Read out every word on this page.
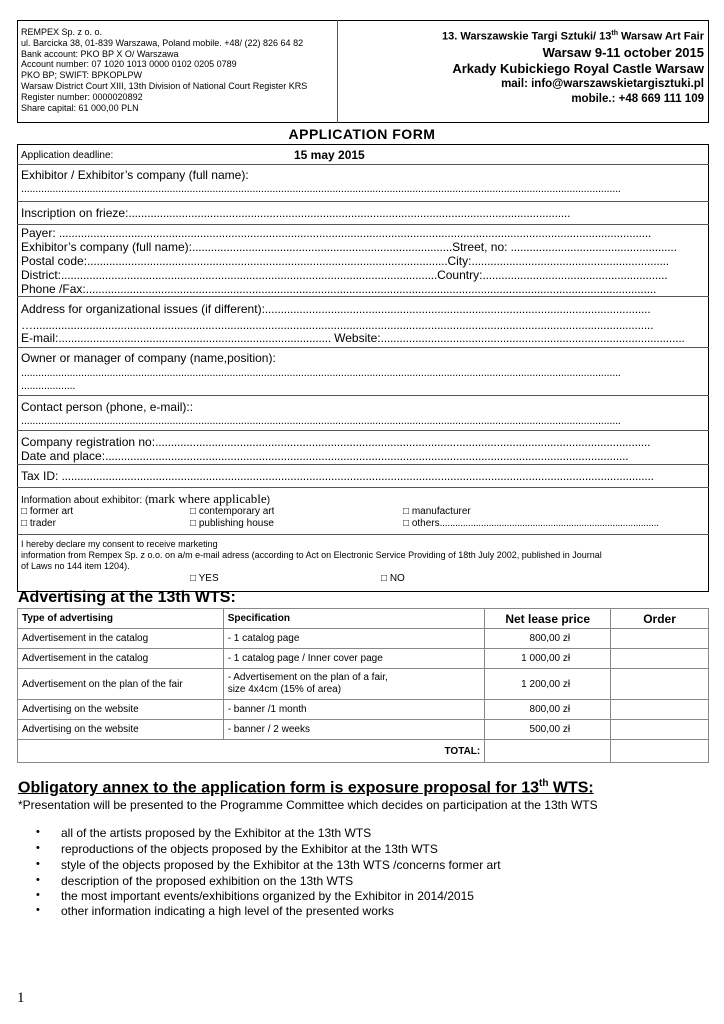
REMPEX Sp. z o. o.
ul. Barcicka 38, 01-839 Warszawa, Poland mobile. +48/ (22) 826 64 82
Bank account: PKO BP X O/ Warszawa
Account number: 07 1020 1013 0000 0102 0205 0789
PKO BP; SWIFT: BPKOPLPW
Warsaw District Court XIII, 13th Division of National Court Register KRS
Register number: 0000020892
Share capital: 61 000,00 PLN
13. Warszawskie Targi Sztuki/ 13th Warsaw Art Fair
Warsaw 9-11 october 2015
Arkady Kubickiego Royal Castle Warsaw
mail: info@warszawskietargisztuki.pl
mobile.: +48 669 111 109
APPLICATION FORM
Application deadline:	15 may 2015
Exhibitor / Exhibitor’s company (full name):
..................................................................................................................................................................................................................
Inscription on frieze:.............................................................................................................................................
Payer: .............................................................................................................................................................................................
Exhibitor’s company (full name):...................................................................................Street, no: .....................................................
Postal code:...................................................................................................................City:...............................................................
District:........................................................................................................................Country:...........................................................
Phone /Fax:......................................................................................................................................................................................
Address for organizational issues (if different):...........................................................................................................................
…......................................................................................................................................................................................................
E-mail:....................................................................................... Website:.................................................................................................
Owner or manager of company (name,position):
..................................................................................................................................................................................................................
...................
Contact person (phone, e-mail)::
..................................................................................................................................................................................................................
Company registration no:..............................................................................................................................................................
Date and place:.......................................................................................................................................................................
Tax ID: .............................................................................................................................................................................................
Information about exhibitor: (mark where applicable)
□ former art	□ contemporary art	□ manufacturer
□ trader	□ publishing house	□ others.....................................................................................
I hereby declare my consent to receive marketing
information from Rempex Sp. z o.o. on a/m e-mail adress (according to Act on Electronic Service Providing of 18th July 2002, published in Journal
of Laws no 144 item 1204).
□ YES	□ NO
Advertising at the 13th WTS:
Type of advertising	Specification	Net lease price	Order
Advertisement in the catalog	- 1 catalog page	800,00 zł	
Advertisement in the catalog	- 1 catalog page / Inner cover page	1 000,00 zł	
Advertisement on the plan of the fair	- Advertisement on the plan of a fair,
size 4x4cm (15% of area)	1 200,00 zł	
Advertising on the website	- banner /1 month	800,00 zł	
Advertising on the website	- banner / 2 weeks	500,00 zł	
	TOTAL:		
Obligatory annex to the application form is exposure proposal for 13th WTS:
*Presentation will be presented to the Programme Committee which decides on participation at the 13th WTS
• all of the artists proposed by the Exhibitor at the 13th WTS
• reproductions of the objects proposed by the Exhibitor at the 13th WTS
• style of the objects proposed by the Exhibitor at the 13th WTS /concerns former art
• description of the proposed exhibition on the 13th WTS
• the most important events/exhibitions organized by the Exhibitor in 2014/2015
• other information indicating a high level of the presented works
1
